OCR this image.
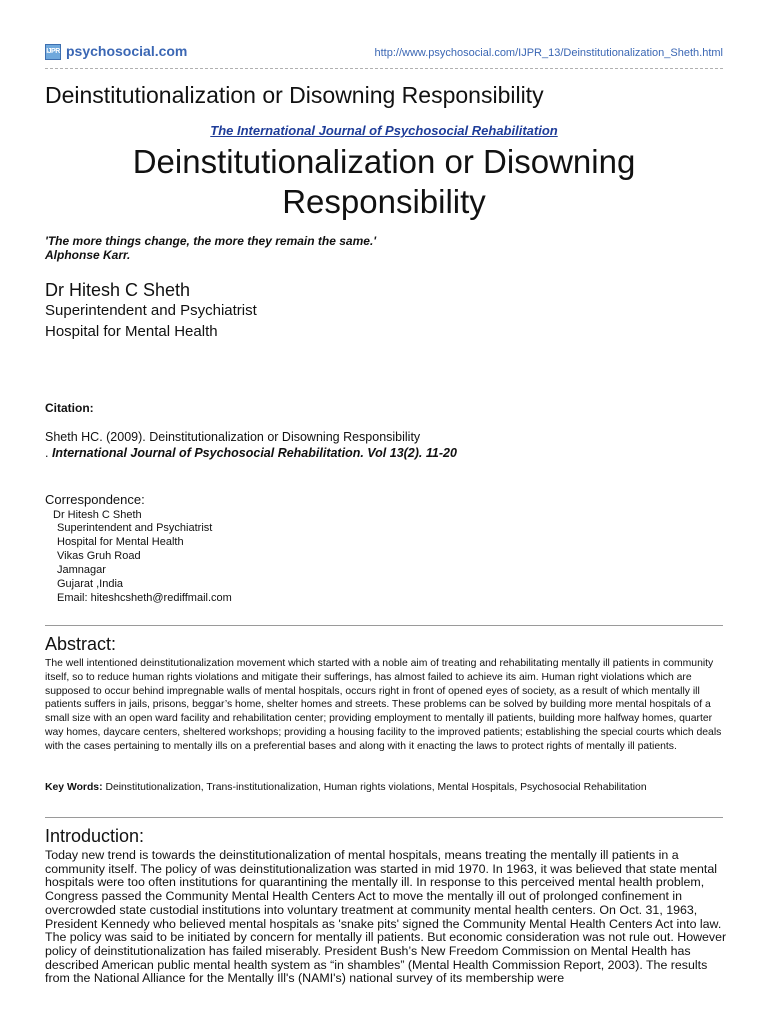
IJPR psychosocial.com	http://www.psychosocial.com/IJPR_13/Deinstitutionalization_Sheth.html
Deinstitutionalization or Disowning Responsibility
The International Journal of Psychosocial Rehabilitation
Deinstitutionalization or Disowning Responsibility
'The more things change, the more they remain the same.'
Alphonse Karr.
Dr Hitesh C Sheth
Superintendent and Psychiatrist
Hospital for Mental Health
Citation:
Sheth HC. (2009). Deinstitutionalization or Disowning Responsibility
. International Journal of Psychosocial Rehabilitation. Vol 13(2). 11-20
Correspondence:
Dr Hitesh C Sheth
Superintendent and Psychiatrist
Hospital for Mental Health
Vikas Gruh Road
Jamnagar
Gujarat ,India
Email: hiteshcsheth@rediffmail.com
Abstract:
The well intentioned deinstitutionalization movement which started with a noble aim of treating and rehabilitating mentally ill patients in community itself, so to reduce human rights violations and mitigate their sufferings, has almost failed to achieve its aim. Human right violations which are supposed to occur behind impregnable walls of mental hospitals, occurs right in front of opened eyes of society, as a result of which mentally ill patients suffers in jails, prisons, beggar’s home, shelter homes and streets. These problems can be solved by building more mental hospitals of a small size with an open ward facility and rehabilitation center; providing employment to mentally ill patients, building more halfway homes, quarter way homes, daycare centers, sheltered workshops; providing a housing facility to the improved patients; establishing the special courts which deals with the cases pertaining to mentally ills on a preferential bases and along with it enacting the laws to protect rights of mentally ill patients.
Key Words: Deinstitutionalization, Trans-institutionalization, Human rights violations, Mental Hospitals, Psychosocial Rehabilitation
Introduction:
Today new trend is towards the deinstitutionalization of mental hospitals, means treating the mentally ill patients in a community itself. The policy of was deinstitutionalization was started in mid 1970. In 1963, it was believed that state mental hospitals were too often institutions for quarantining the mentally ill. In response to this perceived mental health problem, Congress passed the Community Mental Health Centers Act to move the mentally ill out of prolonged confinement in overcrowded state custodial institutions into voluntary treatment at community mental health centers. On Oct. 31, 1963, President Kennedy who believed mental hospitals as 'snake pits' signed the Community Mental Health Centers Act into law. The policy was said to be initiated by concern for mentally ill patients. But economic consideration was not rule out. However policy of deinstitutionalization has failed miserably. President Bush’s New Freedom Commission on Mental Health has described American public mental health system as “in shambles” (Mental Health Commission Report, 2003). The results from the National Alliance for the Mentally Ill's (NAMI's) national survey of its membership were
